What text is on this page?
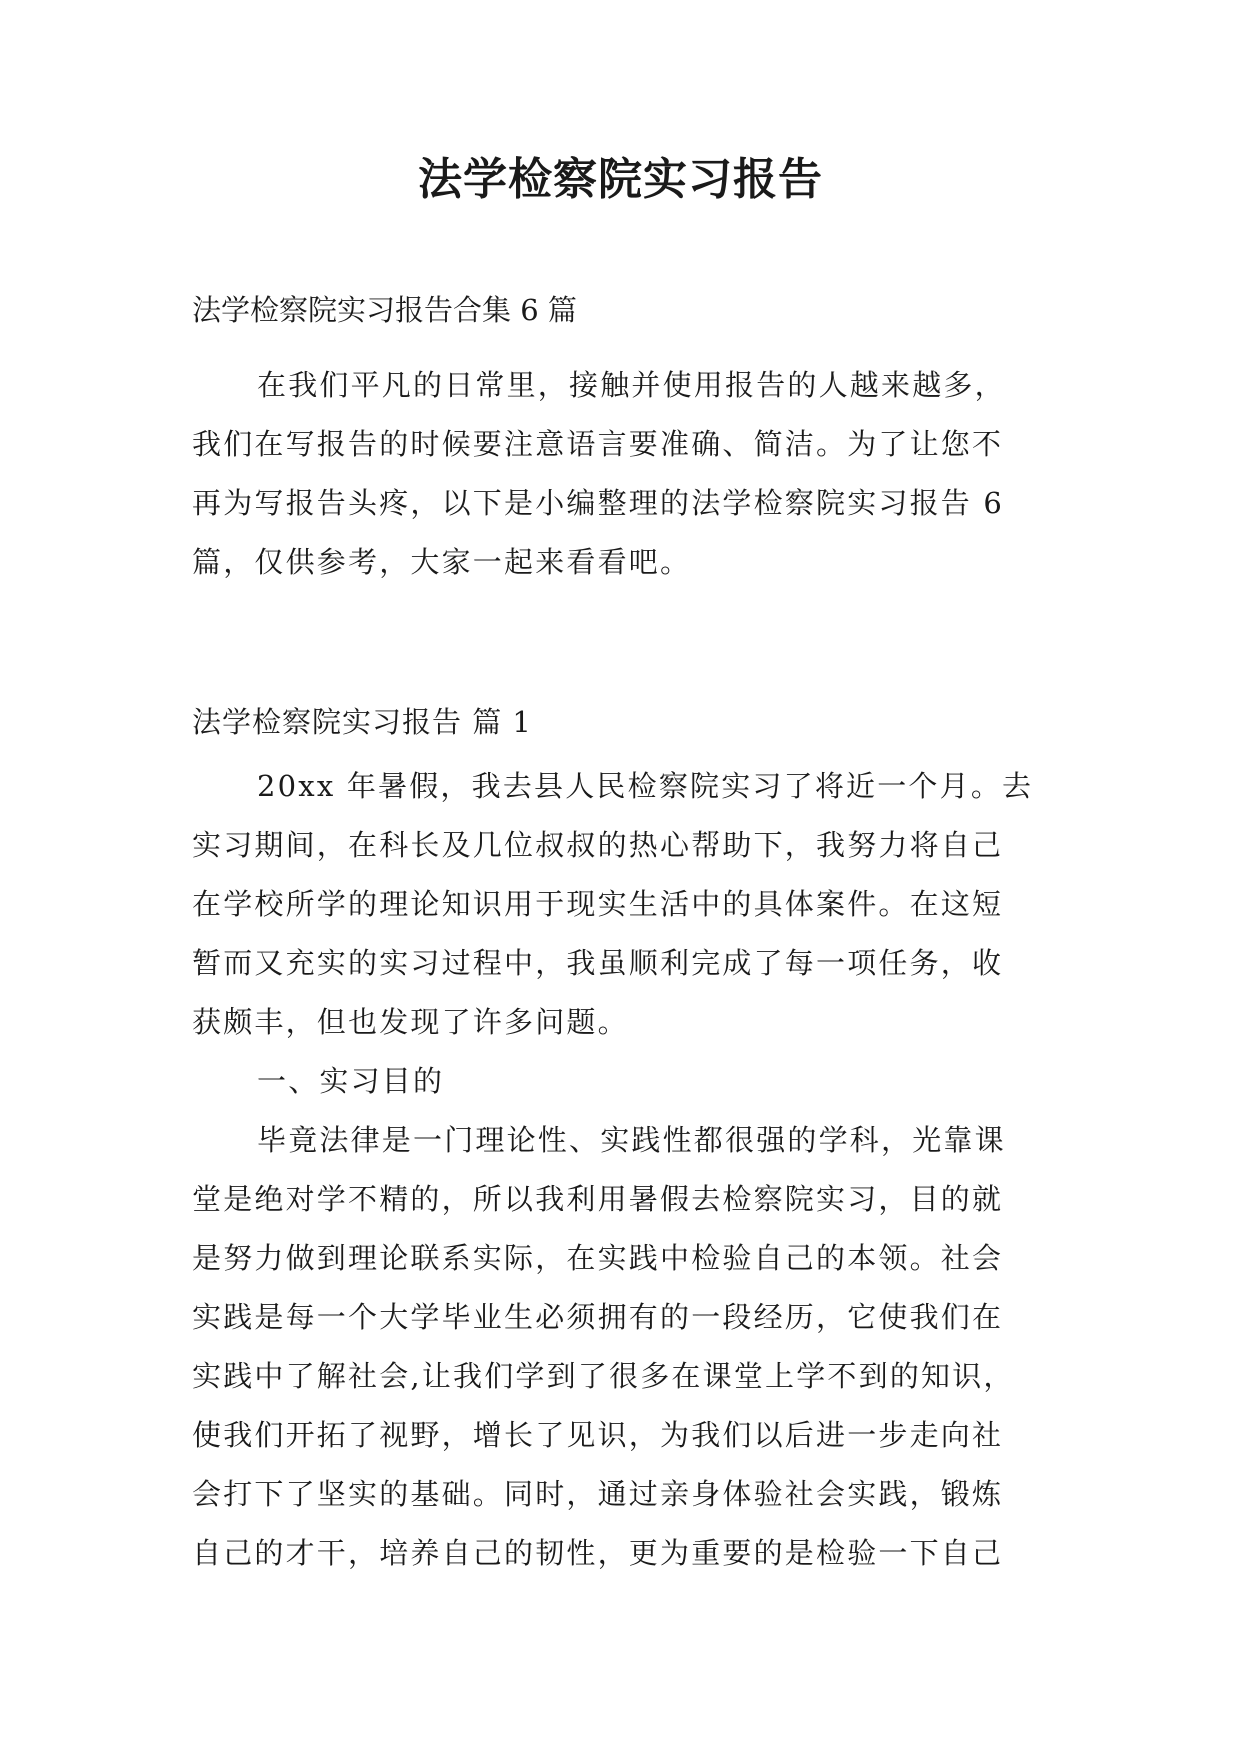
法学检察院实习报告

法学检察院实习报告合集 6 篇

在我们平凡的日常里，接触并使用报告的人越来越多，
我们在写报告的时候要注意语言要准确、简洁。为了让您不
再为写报告头疼，以下是小编整理的法学检察院实习报告 6
篇，仅供参考，大家一起来看看吧。

法学检察院实习报告 篇 1

20xx 年暑假，我去县人民检察院实习了将近一个月。去
实习期间，在科长及几位叔叔的热心帮助下，我努力将自己
在学校所学的理论知识用于现实生活中的具体案件。在这短
暂而又充实的实习过程中，我虽顺利完成了每一项任务，收
获颇丰，但也发现了许多问题。
一、实习目的
毕竟法律是一门理论性、实践性都很强的学科，光靠课
堂是绝对学不精的，所以我利用暑假去检察院实习，目的就
是努力做到理论联系实际，在实践中检验自己的本领。社会
实践是每一个大学毕业生必须拥有的一段经历，它使我们在
实践中了解社会,让我们学到了很多在课堂上学不到的知识，
使我们开拓了视野，增长了见识，为我们以后进一步走向社
会打下了坚实的基础。同时，通过亲身体验社会实践，锻炼
自己的才干，培养自己的韧性，更为重要的是检验一下自己
